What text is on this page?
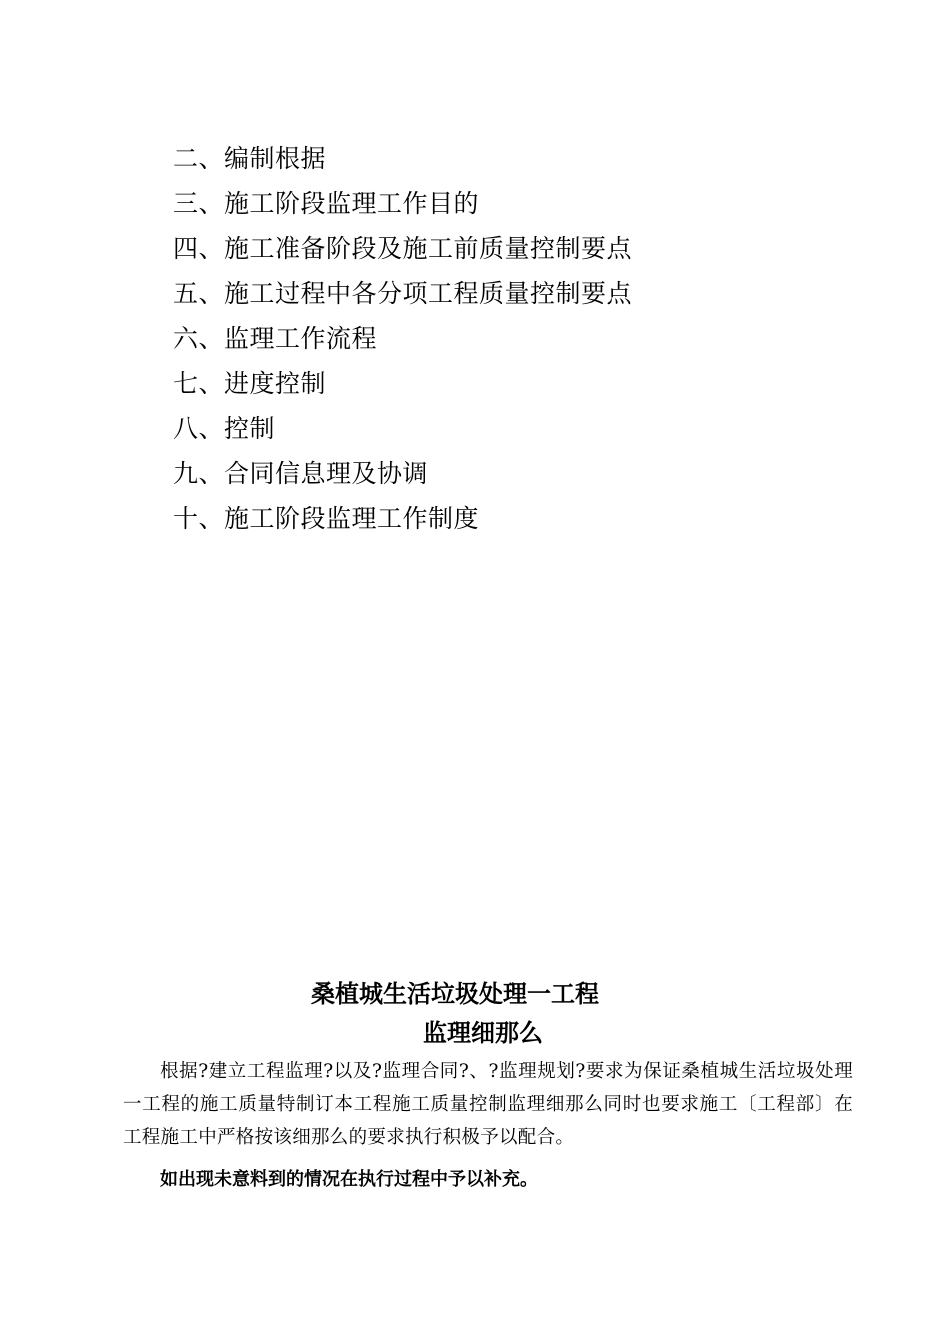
二、编制根据
三、施工阶段监理工作目的
四、施工准备阶段及施工前质量控制要点
五、施工过程中各分项工程质量控制要点
六、监理工作流程
七、进度控制
八、控制
九、合同信息理及协调
十、施工阶段监理工作制度
桑植城生活垃圾处理一工程
监理细那么
根据?建立工程监理?以及?监理合同?、?监理规划?要求为保证桑植城生活垃圾处理一工程的施工质量特制订本工程施工质量控制监理细那么同时也要求施工〔工程部〕在工程施工中严格按该细那么的要求执行积极予以配合。
如出现未意料到的情况在执行过程中予以补充。
